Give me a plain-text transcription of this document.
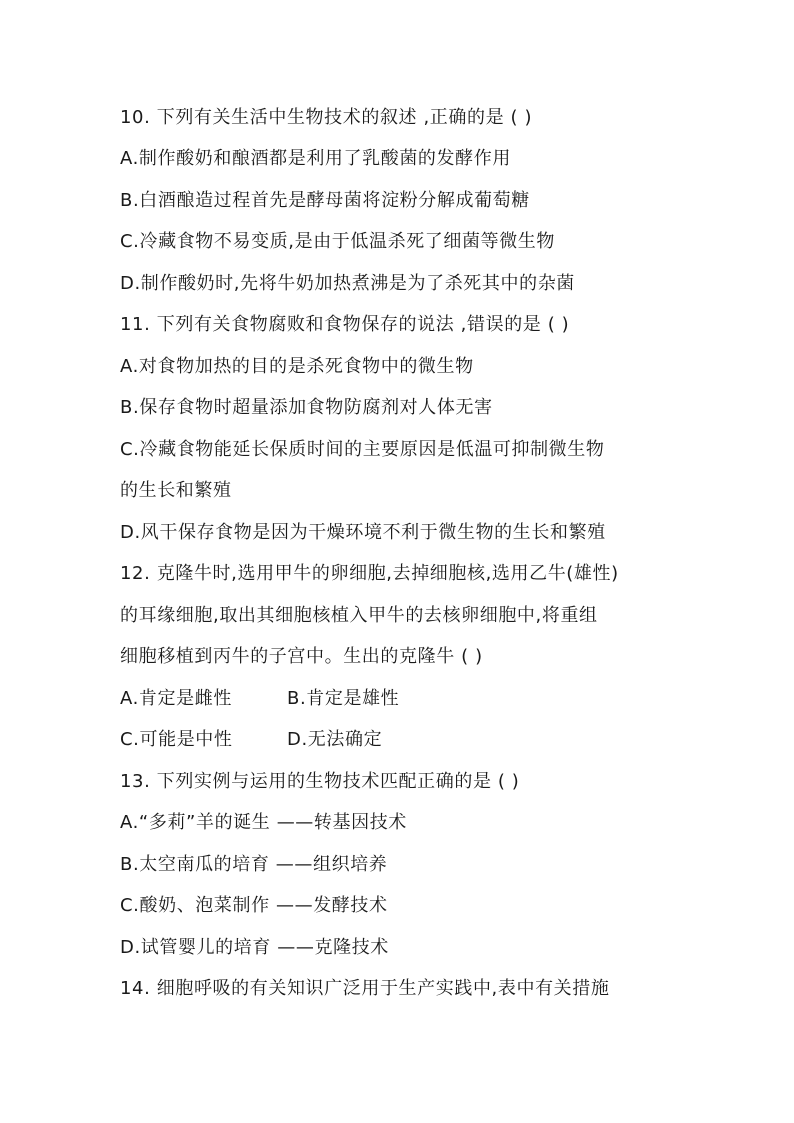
10. 下列有关生活中生物技术的叙述 ,正确的是 ( )
A.制作酸奶和酿酒都是利用了乳酸菌的发酵作用
B.白酒酿造过程首先是酵母菌将淀粉分解成葡萄糖
C.冷藏食物不易变质,是由于低温杀死了细菌等微生物
D.制作酸奶时,先将牛奶加热煮沸是为了杀死其中的杂菌
11. 下列有关食物腐败和食物保存的说法 ,错误的是 ( )
A.对食物加热的目的是杀死食物中的微生物
B.保存食物时超量添加食物防腐剂对人体无害
C.冷藏食物能延长保质时间的主要原因是低温可抑制微生物
的生长和繁殖
D.风干保存食物是因为干燥环境不利于微生物的生长和繁殖
12. 克隆牛时,选用甲牛的卵细胞,去掉细胞核,选用乙牛(雄性)
的耳缘细胞,取出其细胞核植入甲牛的去核卵细胞中,将重组
细胞移植到丙牛的子宫中。生出的克隆牛 ( )
A.肯定是雌性	B.肯定是雄性
C.可能是中性	D.无法确定
13. 下列实例与运用的生物技术匹配正确的是 ( )
A.“多莉”羊的诞生 ——转基因技术
B.太空南瓜的培育 ——组织培养
C.酸奶、泡菜制作 ——发酵技术
D.试管婴儿的培育 ——克隆技术
14. 细胞呼吸的有关知识广泛用于生产实践中,表中有关措施
